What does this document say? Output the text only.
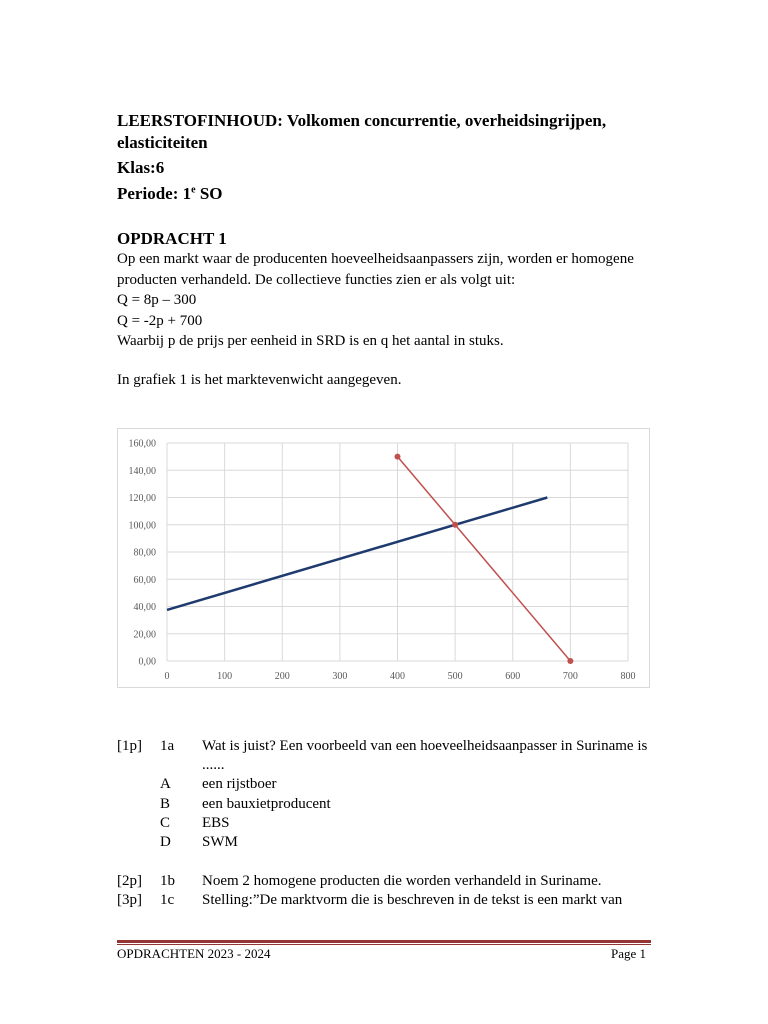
LEERSTOFINHOUD: Volkomen concurrentie, overheidsingrijpen, elasticiteiten
Klas:6
Periode: 1e SO
OPDRACHT 1
Op een markt waar de producenten hoeveelheidsaanpassers zijn, worden er homogene
producten verhandeld. De collectieve functies zien er als volgt uit:
Q = 8p – 300
Q = -2p + 700
Waarbij p de prijs per eenheid in SRD is en q het aantal in stuks.
In grafiek 1 is het marktevenwicht aangegeven.
0,00
20,00
40,00
60,00
80,00
100,00
120,00
140,00
160,00
0	100	200	300	400	500	600	700	800
[1p] 1a Wat is juist? Een voorbeeld van een hoeveelheidsaanpasser in Suriname is
......
A een rijstboer
B een bauxietproducent
C EBS
D SWM
[2p] 1b Noem 2 homogene producten die worden verhandeld in Suriname.
[3p] 1c Stelling:”De marktvorm die is beschreven in de tekst is een markt van
OPDRACHTEN 2023 - 2024	Page 1
